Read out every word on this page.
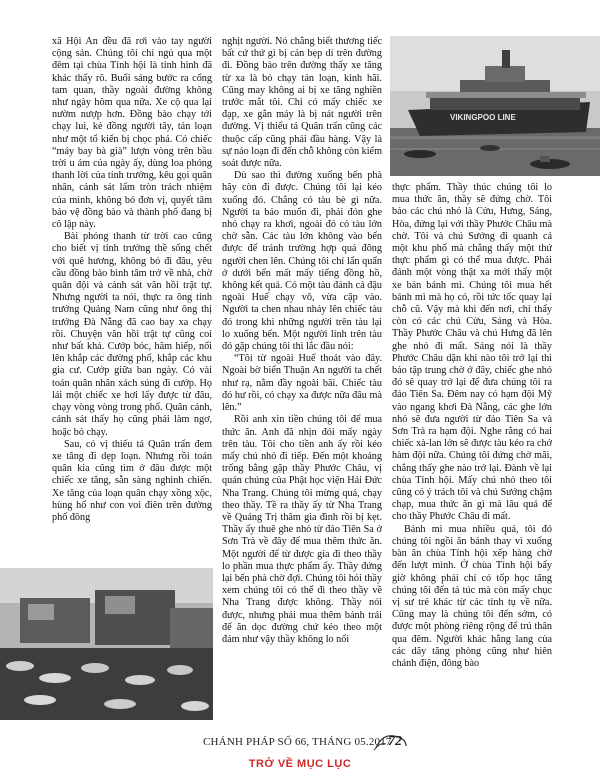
xã Hội An đều đã rơi vào tay người cộng sản. Chúng tôi chỉ ngủ qua một đêm tại chùa Tỉnh hội là tỉnh hình đã khác thấy rõ. Buổi sáng bước ra cổng tam quan, thầy ngoài đường không như ngày hôm qua nữa. Xe cộ qua lại nườm nượp hơn. Đồng bào chạy tới chạy lui, kẻ đồng người tây, tán loạn như một tổ kiến bị chọc phá. Có chiếc “máy bay bà già” lượn vòng trên bầu trời u ám của ngày ấy, dùng loa phóng thanh lời của tỉnh trưởng, kêu gọi quân nhân, cảnh sát lấm tròn trách nhiệm của mình, không bỏ đơn vị, quyết tâm bảo vệ đồng bào và thành phố đang bị cô lập này.

Bài phóng thanh từ trời cao cũng cho biết vị tỉnh trưởng thề sống chết với quê hương, không bỏ đi đâu, yêu cầu đồng bào bình tâm trở về nhà, chờ quân đội và cảnh sát vãn hồi trật tự. Nhưng người ta nói, thực ra ông tỉnh trưởng Quảng Nam cũng như ông thị trưởng Đà Nẵng đã cao bay xa chạy rồi. Chuyện văn hồi trật tự cũng coi như bất khả. Cướp bóc, hãm hiếp, nổi lên khắp các đường phố, khắp các khu gia cư. Cướp giữa ban ngày. Có vài toán quân nhân xách súng đi cướp. Họ lái một chiếc xe hơi lấy được từ đâu, chạy vòng vòng trong phố. Quân cảnh, cảnh sát thấy họ cũng phải làm ngơ, hoặc bỏ chạy.

Sau, có vị thiếu tá Quân trấn đem xe tăng đi dẹp loạn. Nhưng rồi toán quân kia cũng tìm ở đâu được một chiếc xe tăng, sẵn sàng nghinh chiến. Xe tăng của loạn quân chạy xồng xộc, hùng hổ như con voi điên trên đường phố đông

nghịt người. Nó chẳng biết thương tiếc bất cứ thứ gì bị cán bẹp dí trên đường đi. Đồng bào trên đường thấy xe tăng từ xa là bỏ chạy tán loạn, kinh hãi. Cũng may không ai bị xe tăng nghiền trước mắt tôi. Chỉ có mấy chiếc xe đạp, xe gắn máy là bị nát người trên đường. Vị thiếu tá Quân trấn cũng các thuộc cấp cũng phải đầu hàng. Vậy là sự náo loạn đi đến chỗ không còn kiểm soát được nữa.

Dù sao thì đường xuống bến phà hãy còn đi được. Chúng tôi lại kéo xuống đó. Chẳng có tàu bè gì nữa. Người ta bảo muốn đi, phải đón ghe nhỏ chạy ra khơi, ngoài đó có tàu lớn chờ sẵn. Các tàu lớn không vào bến được để tránh trường hợp quá đông người chen lên. Chúng tôi chỉ lẩn quẩn ở dưới bến mất mấy tiếng đồng hồ, không kết quả. Có một tàu đánh cá đậu ngoài Huế chạy vô, vừa cập vào. Người ta chen nhau nhảy lên chiếc tàu đó trong khi những người trên tàu lại lo xuống bến. Một người lính trên tàu đó gặp chúng tôi thì lắc đầu nói:

“Tôi từ ngoài Huế thoát vào đây. Ngoài bờ biển Thuận An người ta chết như rạ, nằm đầy ngoài bãi. Chiếc tàu đó hư rồi, có chạy xa được nữa đâu mà lên.”

Rồi anh xin tiền chúng tôi để mua thức ăn. Anh đã nhịn đói mấy ngày trên tàu. Tôi cho tiền anh ấy rồi kéo mấy chú nhỏ đi tiếp. Đến một khoảng trống bằng gặp thầy Phước Châu, vị quản chúng của Phật học viện Hải Đức Nha Trang. Chúng tôi mừng quá, chạy theo thầy. Tề ra thầy ấy từ Nha Trang về Quảng Trị thăm gia đình rồi bị kẹt. Thầy ấy thuê ghe nhỏ từ đảo Tiên Sa ở Sơn Trà về đây để mua thêm thức ăn. Một người để từ được gia đi theo thầy lo phần mua thực phẩm ấy. Thầy đứng lại bến phà chờ đợi. Chúng tôi hỏi thầy xem chúng tôi có thể đi theo thầy về Nha Trang được không. Thầy nói được, nhưng phải mua thêm bánh trái để ăn dọc đường chứ kéo theo một đám như vậy thầy không lo nổi

thực phẩm. Thầy thúc chúng tôi lo mua thức ăn, thầy sẽ đứng chờ. Tôi bảo các chú nhỏ là Cửu, Hưng, Sáng, Hòa, đứng lại với thầy Phước Châu mà chờ. Tôi và chú Sướng đi quanh cả một khu phố mà chẳng thấy một thứ thực phẩm gì có thể mua được. Phải đánh một vòng thật xa mới thấy một xe bán bánh mì. Chúng tôi mua hết bánh mì mà họ có, rồi tức tốc quay lại chỗ cũ. Vậy mà khi đến nơi, chỉ thấy còn có các chú Cửu, Sáng và Hòa. Thầy Phước Châu và chú Hưng đã lên ghe nhỏ đi mất. Sáng nói là thầy Phước Châu dặn khi nào tôi trở lại thì bảo tập trung chờ ở đây, chiếc ghe nhỏ đó sẽ quay trở lại để đưa chúng tôi ra đảo Tiên Sa. Đêm nay có hạm đội Mỹ vào ngang khơi Đà Nẵng, các ghe lớn nhỏ sẽ đưa người từ đảo Tiên Sa và Sơn Trà ra hạm đội. Nghe rằng có hai chiếc xà-lan lớn sẽ được tàu kéo ra chở hàm đội nữa. Chúng tôi đứng chờ mãi, chẳng thấy ghe nào trở lại. Đành về lại chùa Tỉnh hội. Mấy chú nhỏ theo tôi cũng có ý trách tôi và chú Sướng chậm chạp, mua thức ăn gì mà lâu quá để cho thầy Phước Châu đi mất.

Bánh mì mua nhiều quá, tôi đó chúng tôi ngồi ăn bánh thay vì xuống bàn ăn chùa Tỉnh hội xếp hàng chờ đến lượt mình. Ở chùa Tỉnh hội bấy giờ không phải chỉ có tốp học tăng chúng tôi đến tá túc mà còn mấy chục vị sư trẻ khác từ các tỉnh tụ về nữa. Cũng may là chúng tôi đến sớm, có được một phòng riêng rộng để trú thân qua đêm. Người khác hằng lang của các dãy tăng phòng cũng như hiên chánh điện, đông bào

VIKINGPOO LINE
CHÁNH PHÁP SỐ 66, THÁNG 05.2017
72
TRỞ VỀ MỤC LỤC
